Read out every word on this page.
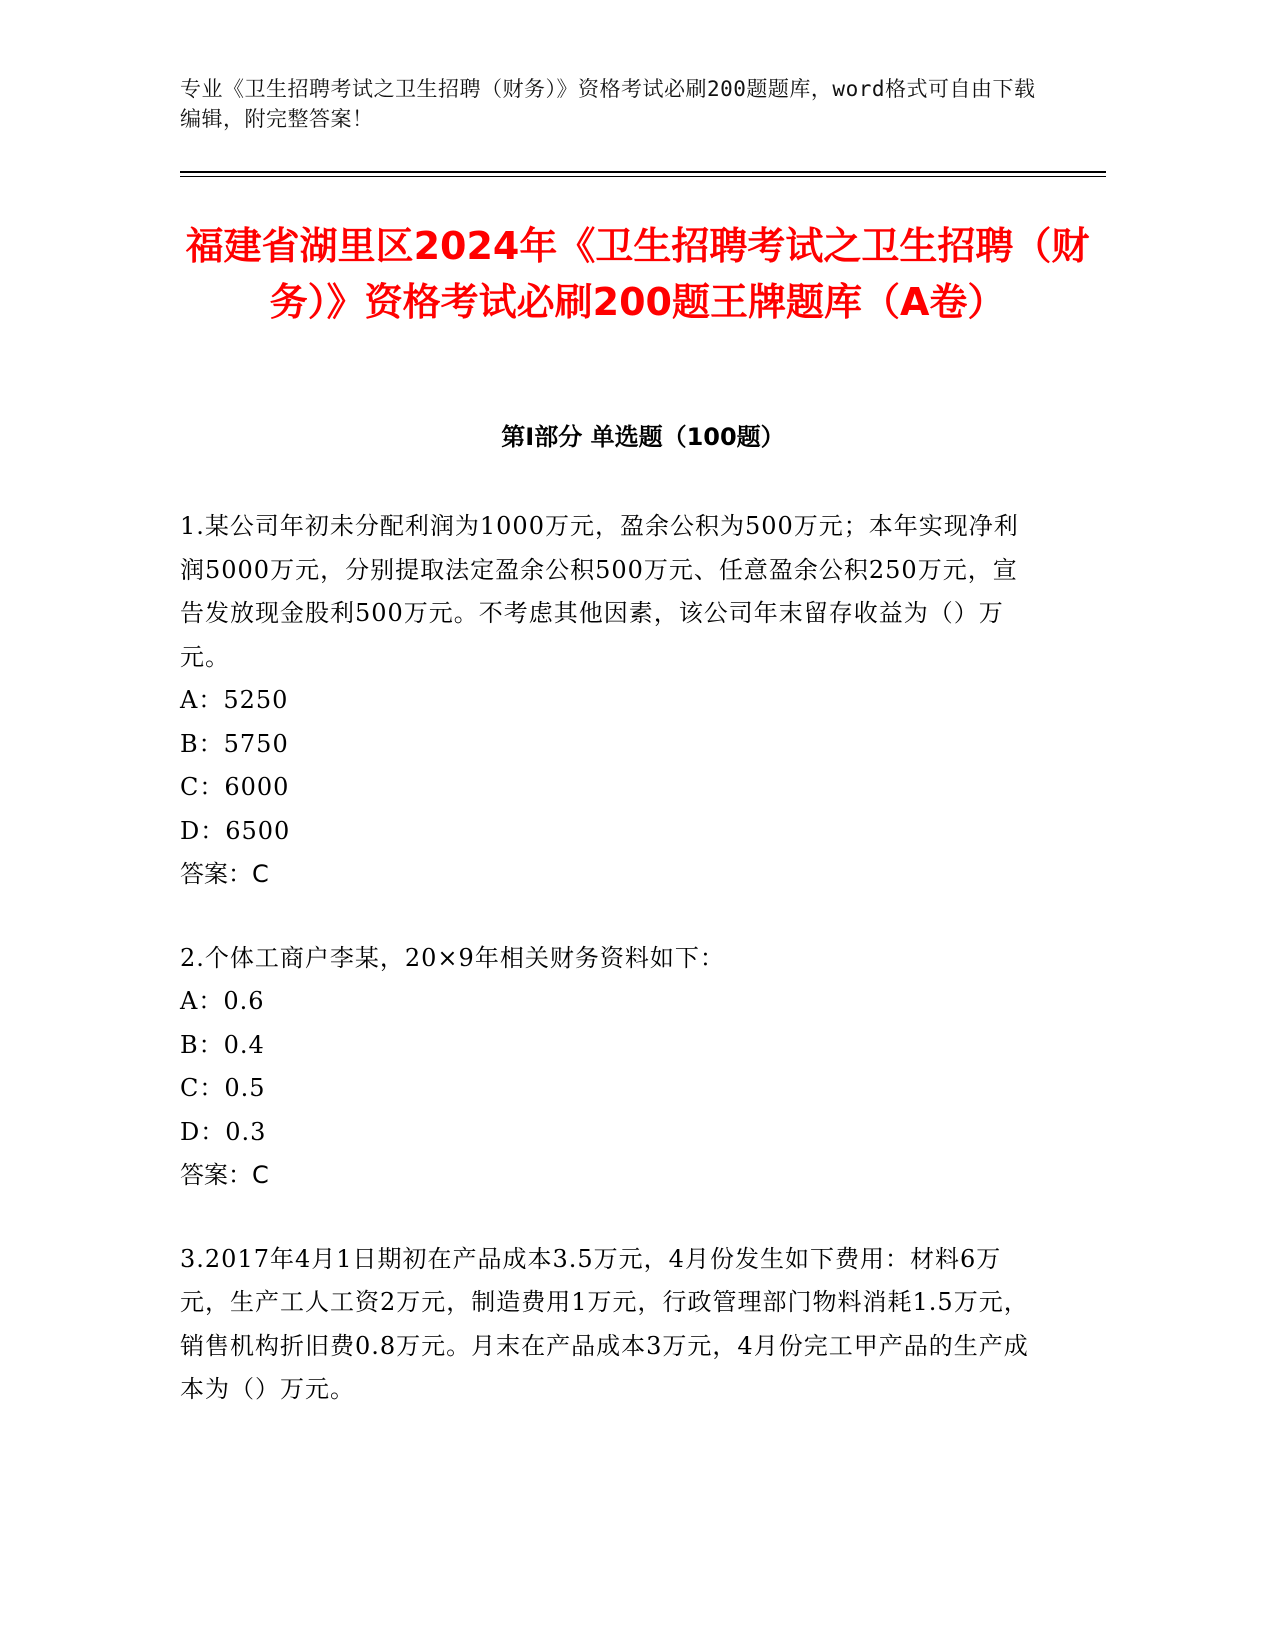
专业《卫生招聘考试之卫生招聘（财务）》资格考试必刷200题题库，word格式可自由下载编辑，附完整答案！
福建省湖里区2024年《卫生招聘考试之卫生招聘（财务）》资格考试必刷200题王牌题库（A卷）
第Ⅰ部分 单选题（100题）

1.某公司年初未分配利润为1000万元，盈余公积为500万元；本年实现净利润5000万元，分别提取法定盈余公积500万元、任意盈余公积250万元，宣告发放现金股利500万元。不考虑其他因素，该公司年末留存收益为（）万元。

A：5250

B：5750

C：6000

D：6500

答案：C

2.个体工商户李某，20×9年相关财务资料如下：

A：0.6

B：0.4

C：0.5

D：0.3

答案：C

3.2017年4月1日期初在产品成本3.5万元，4月份发生如下费用：材料6万元，生产工人工资2万元，制造费用1万元，行政管理部门物料消耗1.5万元，销售机构折旧费0.8万元。月末在产品成本3万元，4月份完工甲产品的生产成本为（）万元。
